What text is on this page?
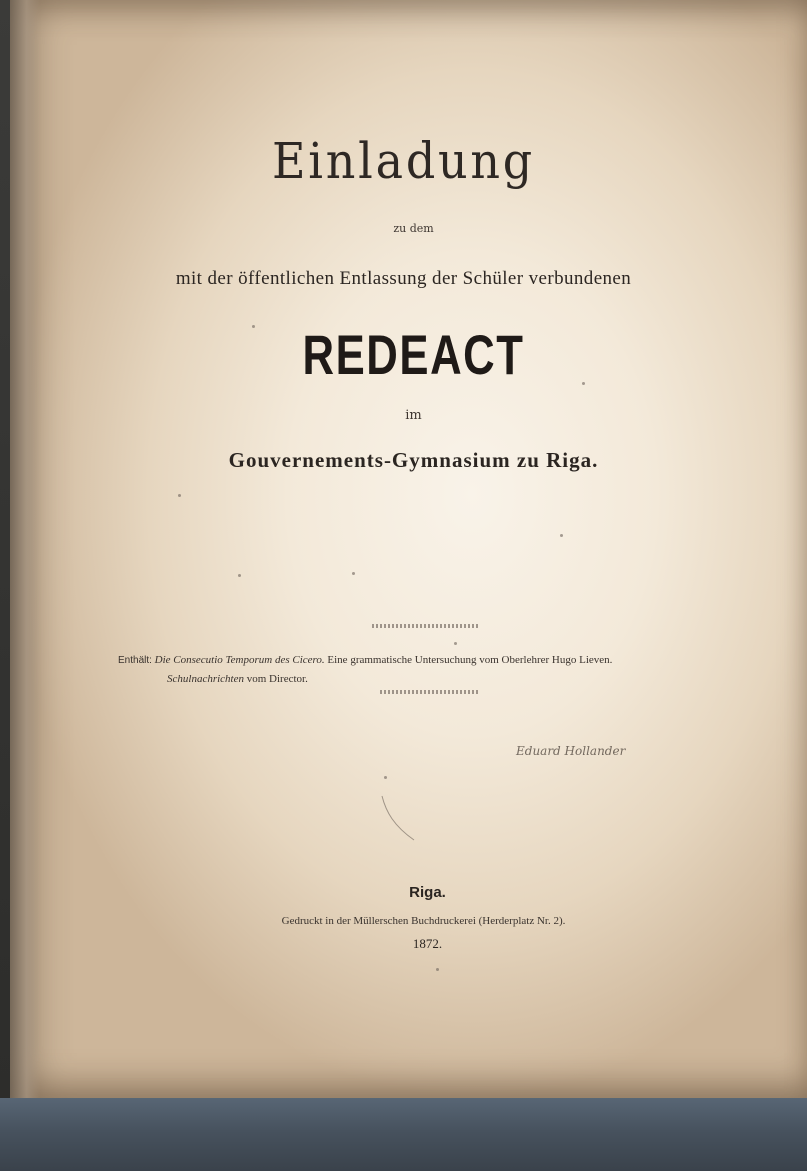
Einladung
zu dem
mit der öffentlichen Entlassung der Schüler verbundenen
REDEACT
im
Gouvernements-Gymnasium zu Riga.
Enthält: Die Consecutio Temporum des Cicero. Eine grammatische Untersuchung vom Oberlehrer Hugo Lieven.
Schulnachrichten vom Director.
Eduard Hollander
Riga.
Gedruckt in der Müllerschen Buchdruckerei (Herderplatz Nr. 2).
1872.
